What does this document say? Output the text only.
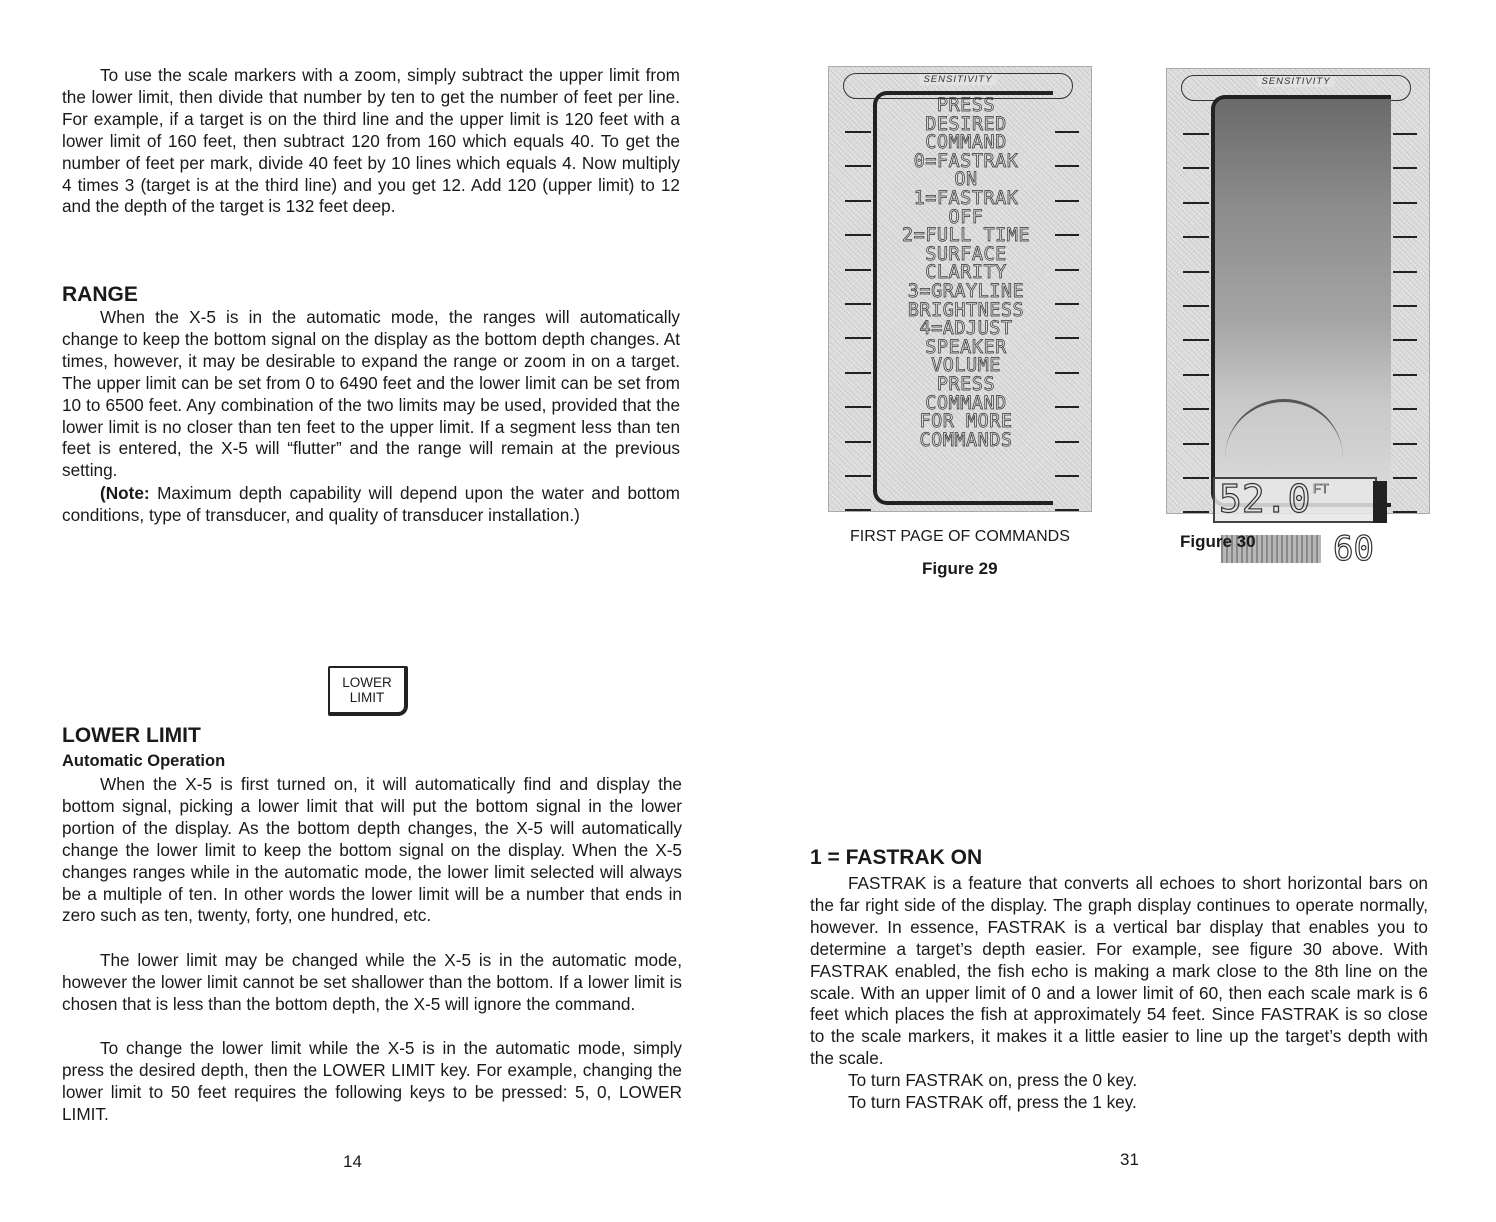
To use the scale markers with a zoom, simply subtract the upper limit from the lower limit, then divide that number by ten to get the number of feet per line. For example, if a target is on the third line and the upper limit is 120 feet with a lower limit of 160 feet, then subtract 120 from 160 which equals 40. To get the number of feet per mark, divide 40 feet by 10 lines which equals 4. Now multiply 4 times 3 (target is at the third line) and you get 12. Add 120 (upper limit) to 12 and the depth of the target is 132 feet deep.

RANGE

When the X-5 is in the automatic mode, the ranges will automatically change to keep the bottom signal on the display as the bottom depth changes. At times, however, it may be desirable to expand the range or zoom in on a target. The upper limit can be set from 0 to 6490 feet and the lower limit can be set from 10 to 6500 feet. Any combination of the two limits may be used, provided that the lower limit is no closer than ten feet to the upper limit. If a segment less than ten feet is entered, the X-5 will “flutter” and the range will remain at the previous setting.

(Note: Maximum depth capability will depend upon the water and bottom conditions, type of transducer, and quality of transducer installation.)

LOWER
LIMIT
LOWER LIMIT
Automatic Operation

When the X-5 is first turned on, it will automatically find and display the bottom signal, picking a lower limit that will put the bottom signal in the lower portion of the display. As the bottom depth changes, the X-5 will automatically change the lower limit to keep the bottom signal on the display. When the X-5 changes ranges while in the automatic mode, the lower limit selected will always be a multiple of ten. In other words the lower limit will be a number that ends in zero such as ten, twenty, forty, one hundred, etc.

The lower limit may be changed while the X-5 is in the automatic mode, however the lower limit cannot be set shallower than the bottom. If a lower limit is chosen that is less than the bottom depth, the X-5 will ignore the command.

To change the lower limit while the X-5 is in the automatic mode, simply press the desired depth, then the LOWER LIMIT key. For example, changing the lower limit to 50 feet requires the following keys to be pressed: 5, 0, LOWER LIMIT.

14
SENSITIVITY
PRESS
DESIRED
COMMAND
0=FASTRAK
ON
1=FASTRAK
OFF
2=FULL TIME
SURFACE
CLARITY
3=GRAYLINE
BRIGHTNESS
4=ADJUST
SPEAKER
VOLUME
PRESS
COMMAND
FOR MORE
COMMANDS
FIRST PAGE OF COMMANDS
Figure 29
SENSITIVITY
52.0 FT
60
Figure 30
1 = FASTRAK ON

FASTRAK is a feature that converts all echoes to short horizontal bars on the far right side of the display. The graph display continues to operate normally, however. In essence, FASTRAK is a vertical bar display that enables you to determine a target’s depth easier. For example, see figure 30 above. With FASTRAK enabled, the fish echo is making a mark close to the 8th line on the scale. With an upper limit of 0 and a lower limit of 60, then each scale mark is 6 feet which places the fish at approximately 54 feet. Since FASTRAK is so close to the scale markers, it makes it a little easier to line up the target’s depth with the scale.

To turn FASTRAK on, press the 0 key.

To turn FASTRAK off, press the 1 key.

31
